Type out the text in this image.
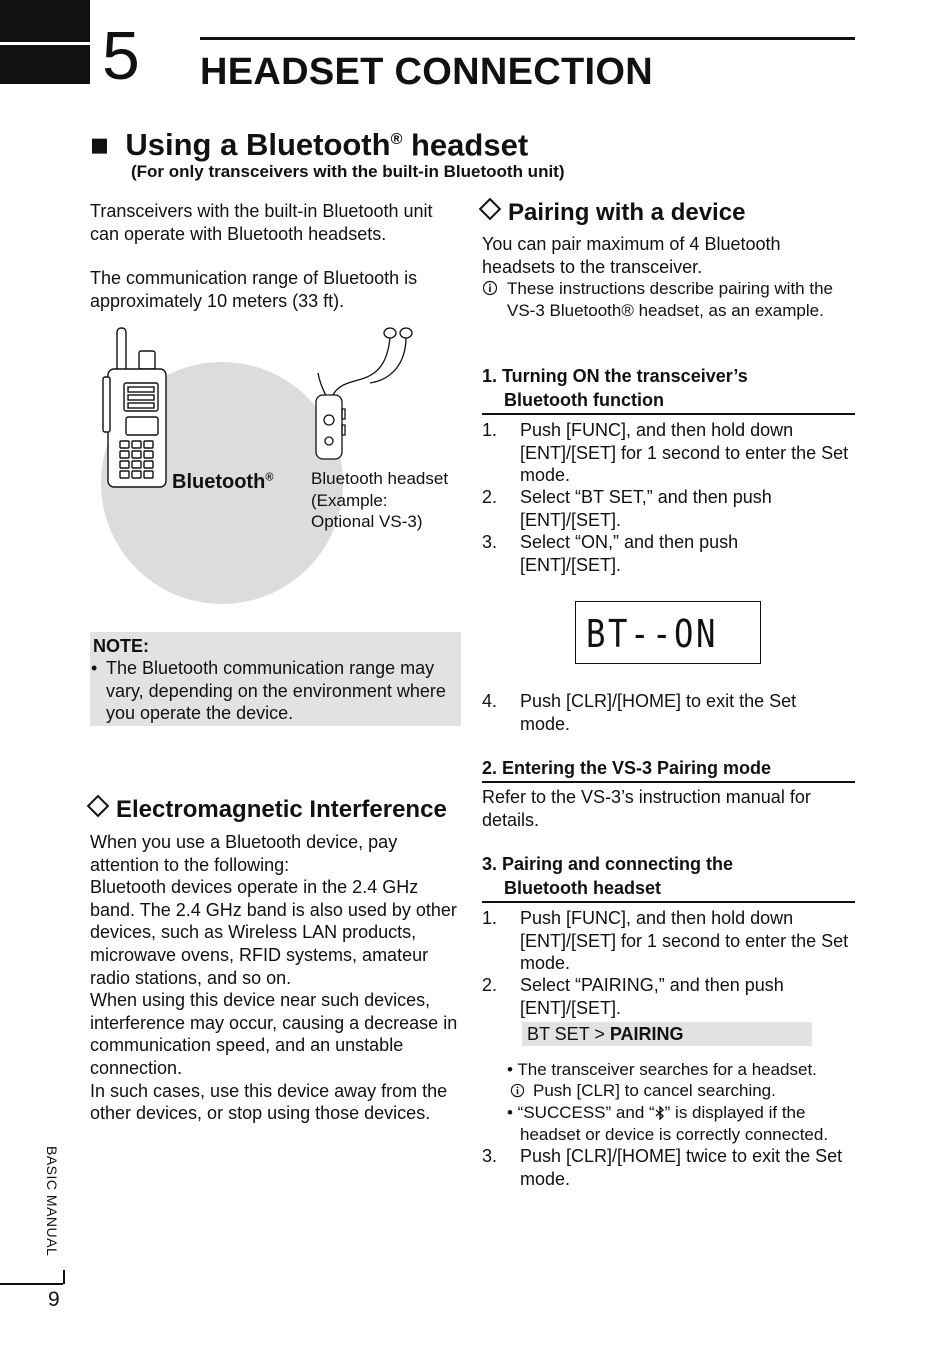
5 HEADSET CONNECTION
■ Using a Bluetooth® headset
(For only transceivers with the built-in Bluetooth unit)
Transceivers with the built-in Bluetooth unit can operate with Bluetooth headsets.
The communication range of Bluetooth is approximately 10 meters (33 ft).
Bluetooth® Bluetooth headset
(Example:
Optional VS-3)
NOTE:
• The Bluetooth communication range may vary, depending on the environment where you operate the device.
Electromagnetic Interference
When you use a Bluetooth device, pay attention to the following:
Bluetooth devices operate in the 2.4 GHz band. The 2.4 GHz band is also used by other devices, such as Wireless LAN products, microwave ovens, RFID systems, amateur radio stations, and so on.
When using this device near such devices, interference may occur, causing a decrease in communication speed, and an unstable connection.
In such cases, use this device away from the other devices, or stop using those devices.
Pairing with a device
You can pair maximum of 4 Bluetooth headsets to the transceiver.
These instructions describe pairing with the VS-3 Bluetooth® headset, as an example.
1. Turning ON the transceiver’s
Bluetooth function
1. Push [FUNC], and then hold down [ENT]/[SET] for 1 second to enter the Set mode.
2. Select “BT SET,” and then push [ENT]/[SET].
3. Select “ON,” and then push [ENT]/[SET].
BT--ON
4. Push [CLR]/[HOME] to exit the Set mode.
2. Entering the VS-3 Pairing mode
Refer to the VS-3’s instruction manual for details.
3. Pairing and connecting the
Bluetooth headset
1. Push [FUNC], and then hold down [ENT]/[SET] for 1 second to enter the Set mode.
2. Select “PAIRING,” and then push [ENT]/[SET].
BT SET > PAIRING
• The transceiver searches for a headset.
Push [CLR] to cancel searching.
• “SUCCESS” and “ ” is displayed if the
headset or device is correctly connected.
3. Push [CLR]/[HOME] twice to exit the Set mode.
BASIC MANUAL
9
